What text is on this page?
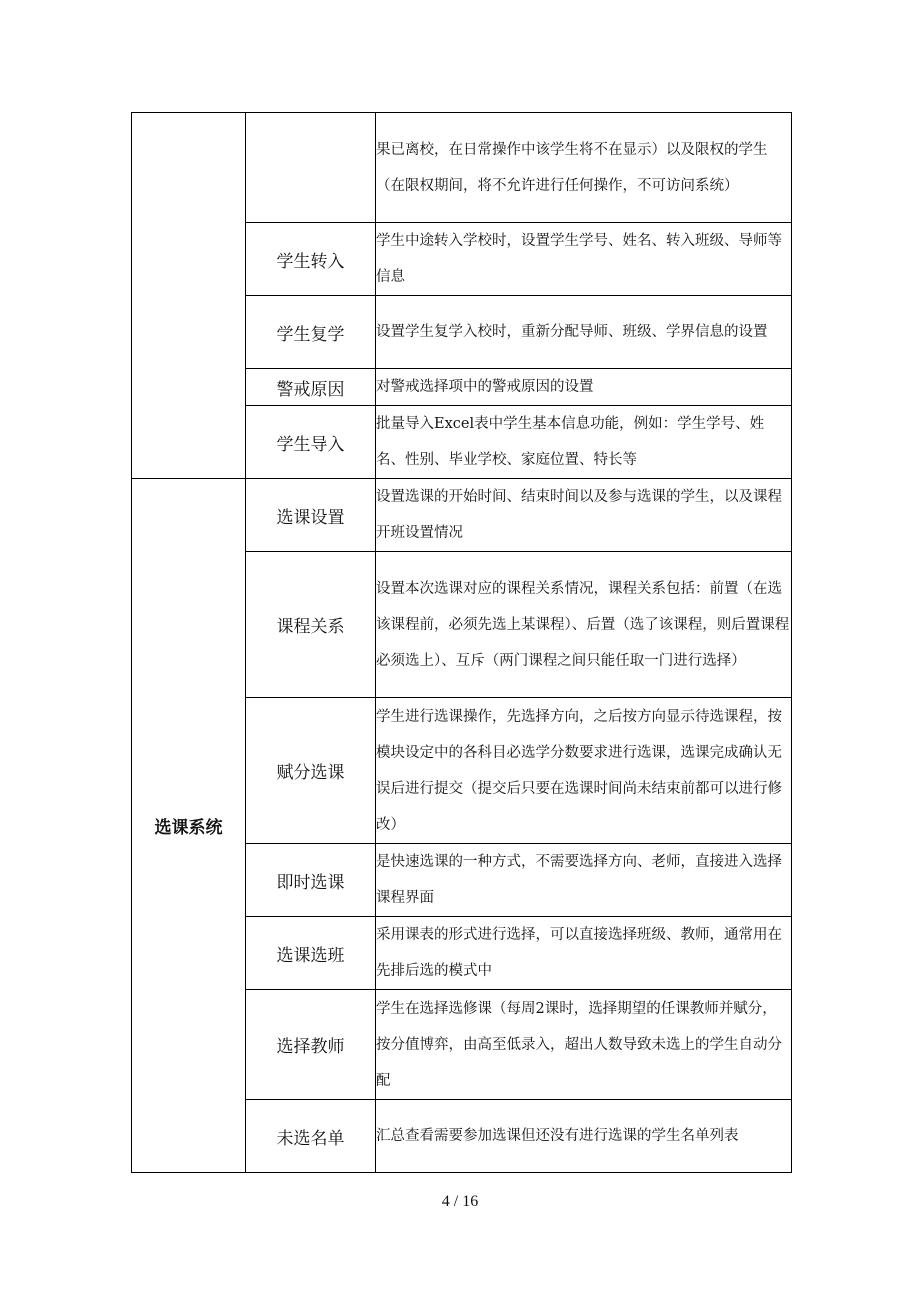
		果已离校，在日常操作中该学生将不在显示）以及限权的学生（在限权期间，将不允许进行任何操作，不可访问系统）
	学生转入	学生中途转入学校时，设置学生学号、姓名、转入班级、导师等信息
	学生复学	设置学生复学入校时，重新分配导师、班级、学界信息的设置
	警戒原因	对警戒选择项中的警戒原因的设置
	学生导入	批量导入Excel表中学生基本信息功能，例如：学生学号、姓名、性别、毕业学校、家庭位置、特长等
选课系统	选课设置	设置选课的开始时间、结束时间以及参与选课的学生，以及课程开班设置情况
	课程关系	设置本次选课对应的课程关系情况，课程关系包括：前置（在选该课程前，必须先选上某课程）、后置（选了该课程，则后置课程必须选上）、互斥（两门课程之间只能任取一门进行选择）
	赋分选课	学生进行选课操作，先选择方向，之后按方向显示待选课程，按模块设定中的各科目必选学分数要求进行选课，选课完成确认无误后进行提交（提交后只要在选课时间尚未结束前都可以进行修改）
	即时选课	是快速选课的一种方式，不需要选择方向、老师，直接进入选择课程界面
	选课选班	采用课表的形式进行选择，可以直接选择班级、教师，通常用在先排后选的模式中
	选择教师	学生在选择选修课（每周2课时，选择期望的任课教师并赋分，按分值博弈，由高至低录入，超出人数导致未选上的学生自动分配
	未选名单	汇总查看需要参加选课但还没有进行选课的学生名单列表
4 / 16
